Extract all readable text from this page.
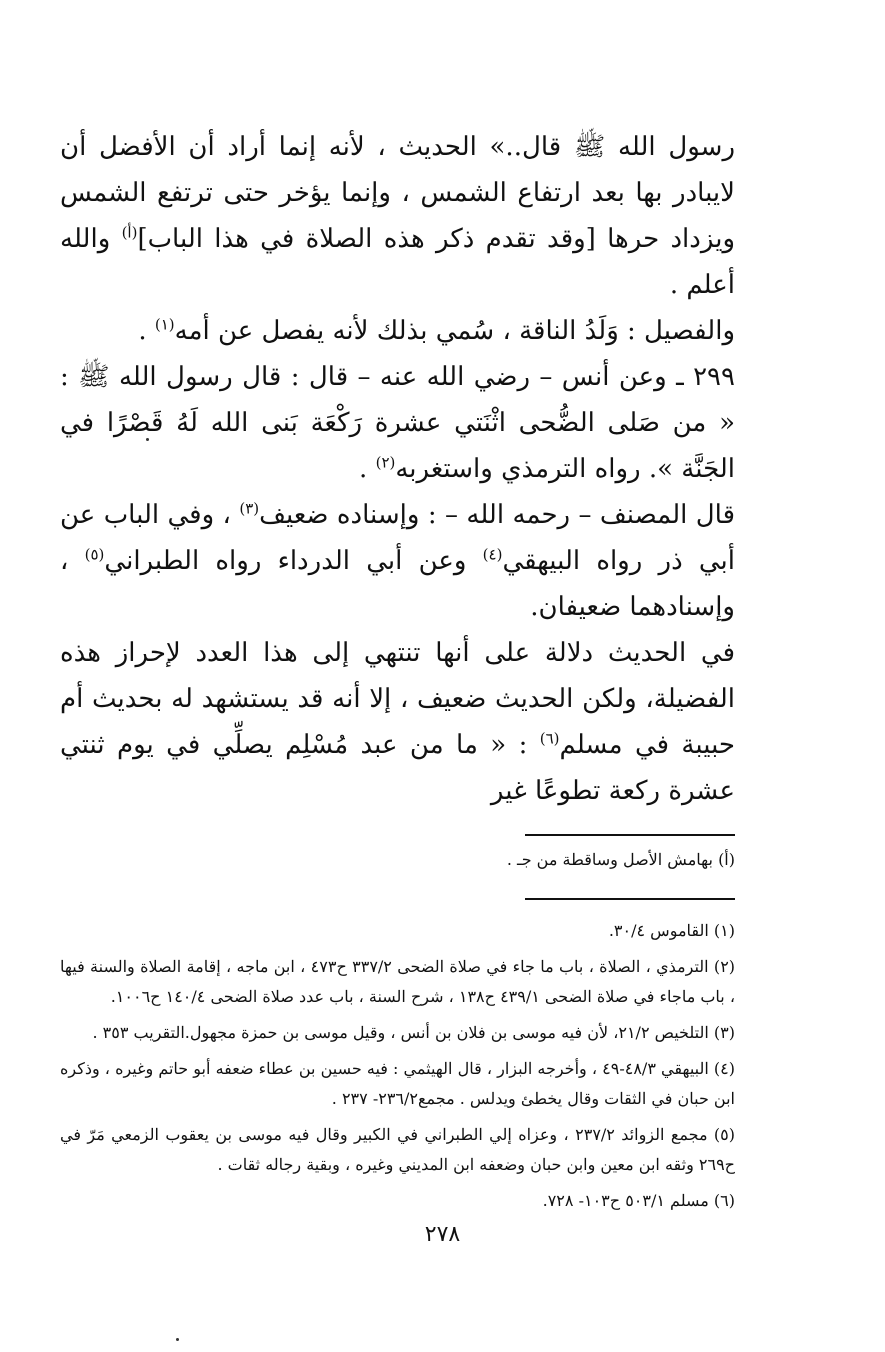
رسول الله ﷺ قال..» الحديث ، لأنه إنما أراد أن الأفضل أن لايبادر بها بعد ارتفاع الشمس ، وإنما يؤخر حتى ترتفع الشمس ويزداد حرها [وقد تقدم ذكر هذه الصلاة في هذا الباب]$^{(أ)}$ والله أعلم .

والفصيل : وَلَدُ الناقة ، سُمي بذلك لأنه يفصل عن أمه$^{(١)}$ .

٢٩٩ ـ وعن أنس – رضي الله عنه – قال : قال رسول الله ﷺ : « من صَلى الضُّحى اثْنَتي عشرة رَكْعَة بَنى الله لَهُ قَصْرًا في الجَنَّة ». رواه الترمذي واستغربه$^{(٢)}$ .

قال المصنف – رحمه الله – : وإسناده ضعيف$^{(٣)}$ ، وفي الباب عن أبي ذر رواه البيهقي$^{(٤)}$ وعن أبي الدرداء رواه الطبراني$^{(٥)}$ ، وإسنادهما ضعيفان.

في الحديث دلالة على أنها تنتهي إلى هذا العدد لإحراز هذه الفضيلة، ولكن الحديث ضعيف ، إلا أنه قد يستشهد له بحديث أم حبيبة في مسلم$^{(٦)}$ : « ما من عبد مُسْلِم يصلِّي في يوم ثنتي عشرة ركعة تطوعًا غير

(أ) بهامش الأصل وساقطة من جـ .

(١) القاموس ٣٠/٤.

(٢) الترمذي ، الصلاة ، باب ما جاء في صلاة الضحى ٣٣٧/٢ ح٤٧٣ ، ابن ماجه ، إقامة الصلاة والسنة فيها ، باب ماجاء في صلاة الضحى ٤٣٩/١ ح١٣٨ ، شرح السنة ، باب عدد صلاة الضحى ١٤٠/٤ ح١٠٠٦.

(٣) التلخيص ٢١/٢، لأن فيه موسى بن فلان بن أنس ، وقيل موسى بن حمزة مجهول.التقريب ٣٥٣ .

(٤) البيهقي ٤٨/٣-٤٩ ، وأخرجه البزار ، قال الهيثمي : فيه حسين بن عطاء ضعفه أبو حاتم وغيره ، وذكره ابن حبان في الثقات وقال يخطئ ويدلس . مجمع٢٣٦/٢- ٢٣٧ .

(٥) مجمع الزوائد ٢٣٧/٢ ، وعزاه إلي الطبراني في الكبير وقال فيه موسى بن يعقوب الزمعي مَرّ في ح٢٦٩ وثقه ابن معين وابن حبان وضعفه ابن المديني وغيره ، وبقية رجاله ثقات .

(٦) مسلم ٥٠٣/١ ح١٠٣- ٧٢٨.

٢٧٨
